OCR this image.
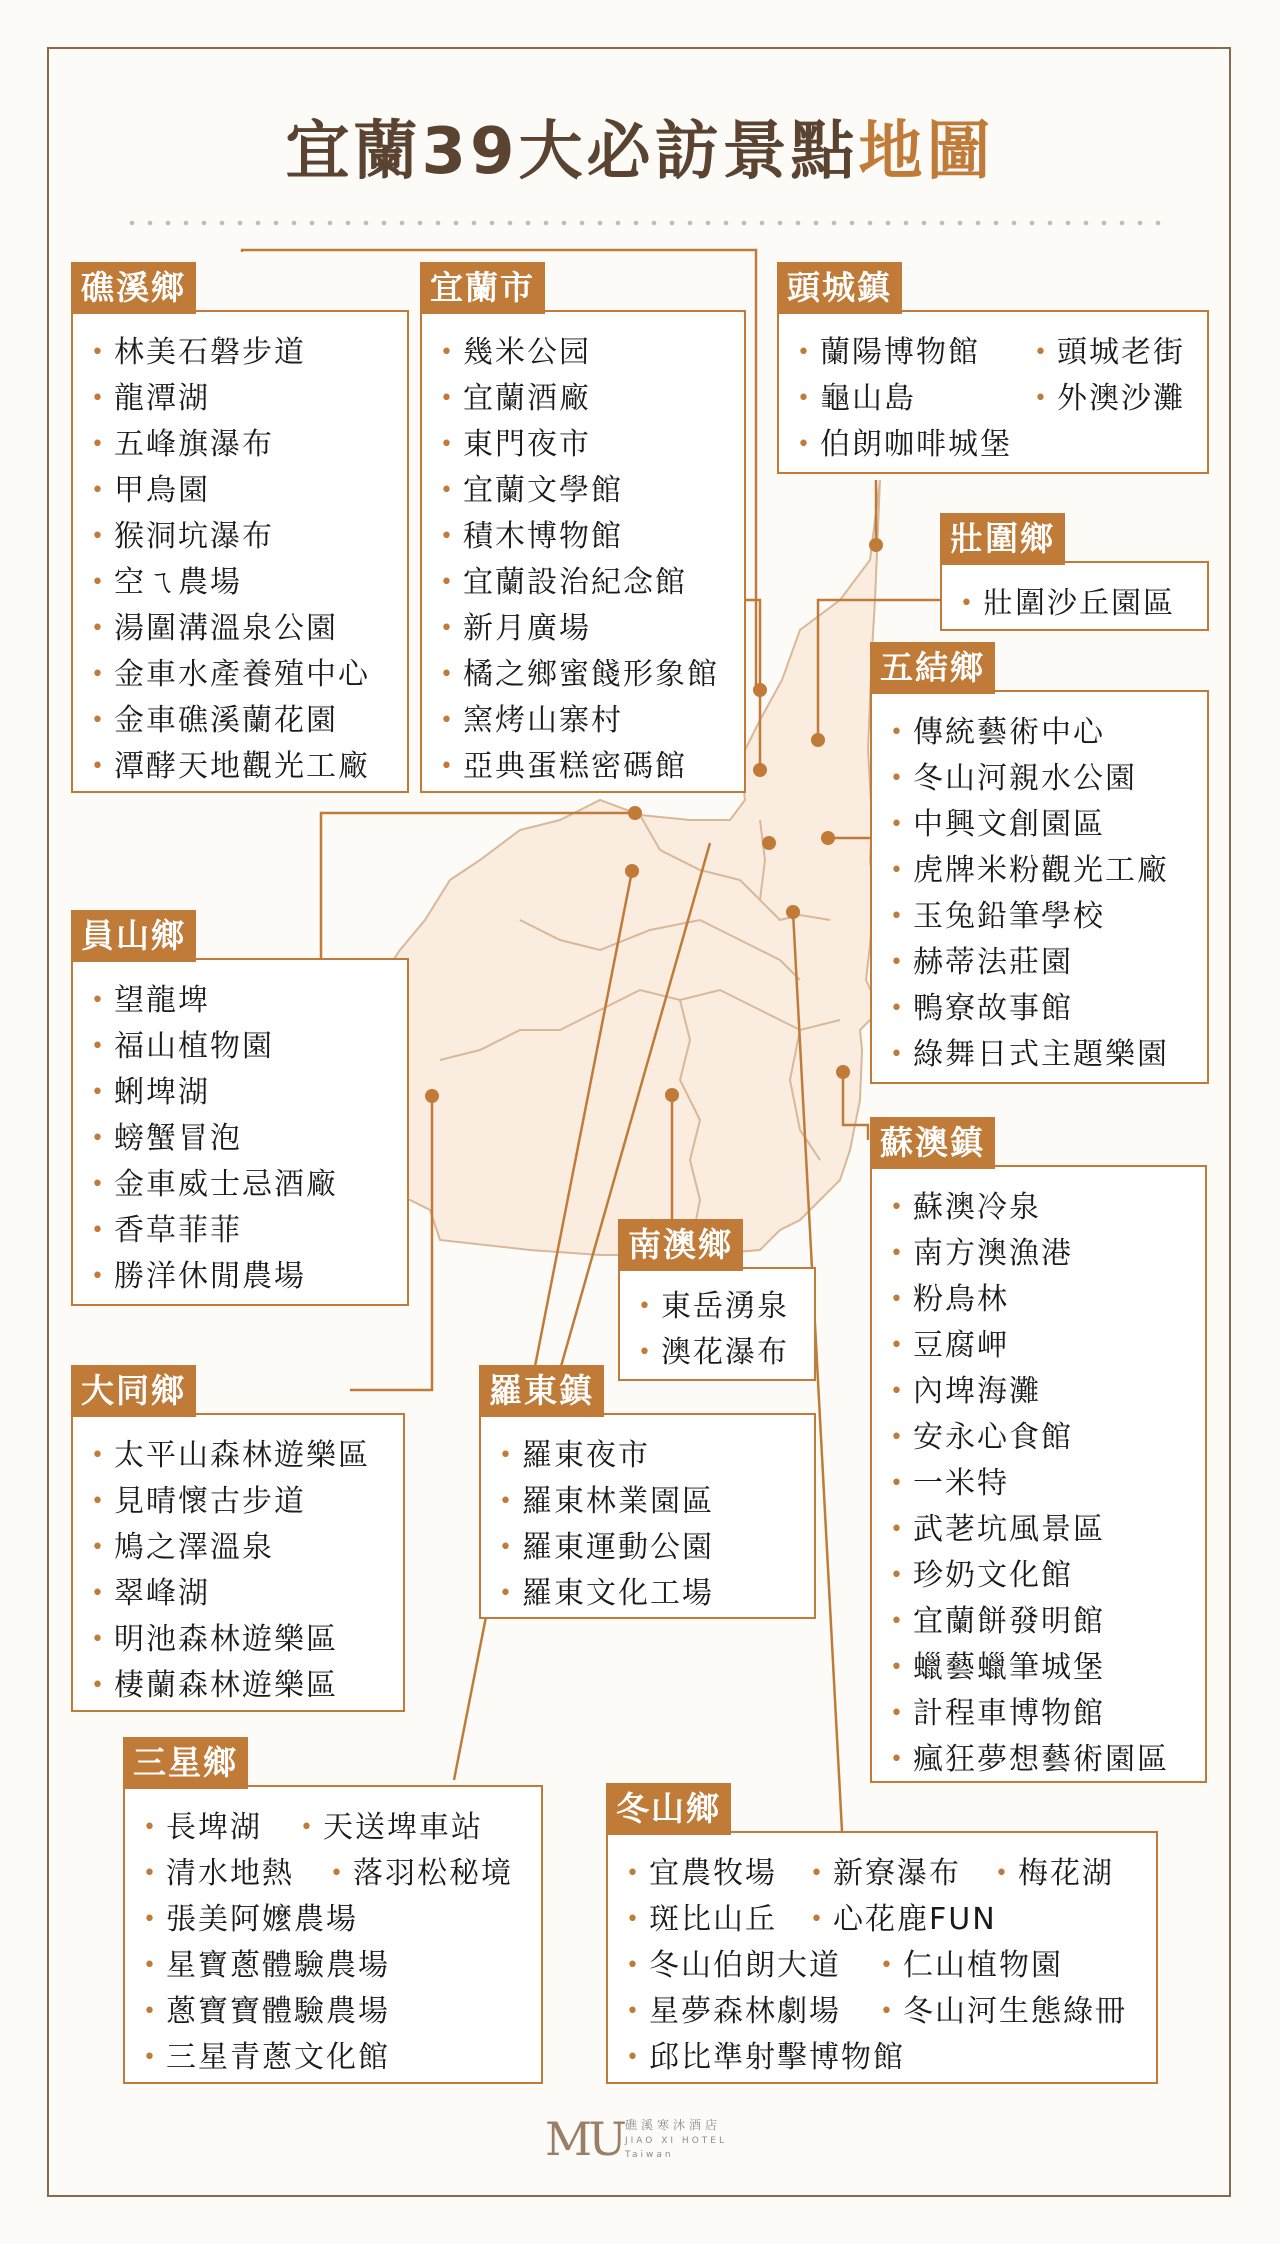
宜蘭39大必訪景點地圖
• 林美石磐步道
• 龍潭湖
• 五峰旗瀑布
• 甲鳥園
• 猴洞坑瀑布
• 空ㄟ農場
• 湯圍溝溫泉公園
• 金車水產養殖中心
• 金車礁溪蘭花園
• 潭酵天地觀光工廠
礁溪鄉
• 幾米公园
• 宜蘭酒廠
• 東門夜市
• 宜蘭文學館
• 積木博物館
• 宜蘭設治紀念館
• 新月廣場
• 橘之鄉蜜餞形象館
• 窯烤山寨村
• 亞典蛋糕密碼館
宜蘭市
• 蘭陽博物館 • 頭城老街
• 龜山島	• 外澳沙灘
• 伯朗咖啡城堡
頭城鎮
• 壯圍沙丘園區
壯圍鄉
• 傳統藝術中心
• 冬山河親水公園
• 中興文創園區
• 虎牌米粉觀光工廠
• 玉兔鉛筆學校
• 赫蒂法莊園
• 鴨寮故事館
• 綠舞日式主題樂園
五結鄉
• 望龍埤
• 福山植物園
• 蜊埤湖
• 螃蟹冒泡
• 金車威士忌酒廠
• 香草菲菲
• 勝洋休閒農場
員山鄉
• 蘇澳冷泉
• 南方澳漁港
• 粉鳥林
• 豆腐岬
• 內埤海灘
• 安永心食館
• 一米特
• 武荖坑風景區
• 珍奶文化館
• 宜蘭餅發明館
• 蠟藝蠟筆城堡
• 計程車博物館
• 瘋狂夢想藝術園區
蘇澳鎮
• 東岳湧泉
• 澳花瀑布
南澳鄉
• 太平山森林遊樂區
• 見晴懷古步道
• 鳩之澤溫泉
• 翠峰湖
• 明池森林遊樂區
• 棲蘭森林遊樂區
大同鄉
• 羅東夜市
• 羅東林業園區
• 羅東運動公園
• 羅東文化工場
羅東鎮
• 長埤湖 • 天送埤車站
• 清水地熱 • 落羽松秘境
• 張美阿嬤農場
• 星寶蔥體驗農場
• 蔥寶寶體驗農場
• 三星青蔥文化館
三星鄉
• 宜農牧場 • 新寮瀑布 • 梅花湖
• 斑比山丘 • 心花鹿FUN
• 冬山伯朗大道 • 仁山植物園
• 星夢森林劇場 • 冬山河生態綠冊
• 邱比準射擊博物館
冬山鄉
MU 礁溪寒沐酒店
JIAO XI HOTEL
Taiwan
